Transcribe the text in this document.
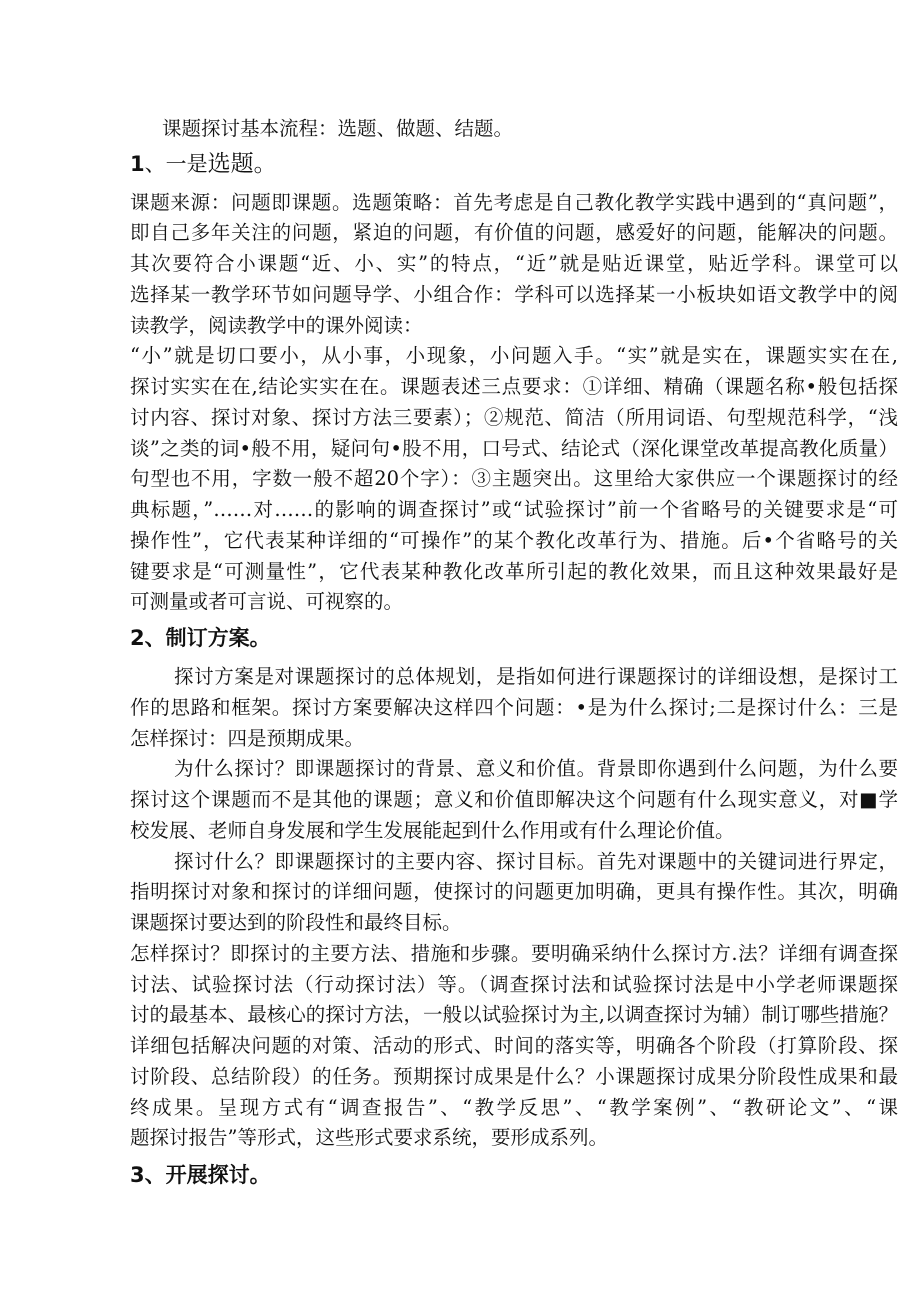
课题探讨基本流程：选题、做题、结题。
1、一是选题。
课题来源：问题即课题。选题策略：首先考虑是自己教化教学实践中遇到的“真问题”，
即自己多年关注的问题，紧迫的问题，有价值的问题，感爱好的问题，能解决的问题。
其次要符合小课题“近、小、实”的特点，“近”就是贴近课堂，贴近学科。课堂可以
选择某一教学环节如问题导学、小组合作：学科可以选择某一小板块如语文教学中的阅
读教学，阅读教学中的课外阅读：
“小”就是切口要小，从小事，小现象，小问题入手。“实”就是实在，课题实实在在,
探讨实实在在,结论实实在在。课题表述三点要求：①详细、精确（课题名称•般包括探
讨内容、探讨对象、探讨方法三要素）；②规范、简洁（所用词语、句型规范科学，“浅
谈”之类的词•般不用，疑问句•股不用，口号式、结论式（深化课堂改革提高教化质量）
句型也不用，字数一般不超20个字）：③主题突出。这里给大家供应一个课题探讨的经
典标题，”……对……的影响的调查探讨”或“试验探讨”前一个省略号的关键要求是“可
操作性”，它代表某种详细的“可操作”的某个教化改革行为、措施。后•个省略号的关
键要求是“可测量性”，它代表某种教化改革所引起的教化效果，而且这种效果最好是
可测量或者可言说、可视察的。
2、制订方案。
探讨方案是对课题探讨的总体规划，是指如何进行课题探讨的详细设想，是探讨工
作的思路和框架。探讨方案要解决这样四个问题：•是为什么探讨;二是探讨什么：三是
怎样探讨：四是预期成果。
为什么探讨？即课题探讨的背景、意义和价值。背景即你遇到什么问题，为什么要
探讨这个课题而不是其他的课题；意义和价值即解决这个问题有什么现实意义，对■学
校发展、老师自身发展和学生发展能起到什么作用或有什么理论价值。
探讨什么？即课题探讨的主要内容、探讨目标。首先对课题中的关键词进行界定，
指明探讨对象和探讨的详细问题，使探讨的问题更加明确，更具有操作性。其次，明确
课题探讨要达到的阶段性和最终目标。
怎样探讨？即探讨的主要方法、措施和步骤。要明确采纳什么探讨方.法？详细有调查探
讨法、试验探讨法（行动探讨法）等。（调查探讨法和试验探讨法是中小学老师课题探
讨的最基本、最核心的探讨方法，一般以试验探讨为主,以调查探讨为辅）制订哪些措施？
详细包括解决问题的对策、活动的形式、时间的落实等，明确各个阶段（打算阶段、探
讨阶段、总结阶段）的任务。预期探讨成果是什么？小课题探讨成果分阶段性成果和最
终成果。呈现方式有“调查报告”、“教学反思”、“教学案例”、“教研论文”、“课
题探讨报告”等形式，这些形式要求系统，要形成系列。
3、开展探讨。
